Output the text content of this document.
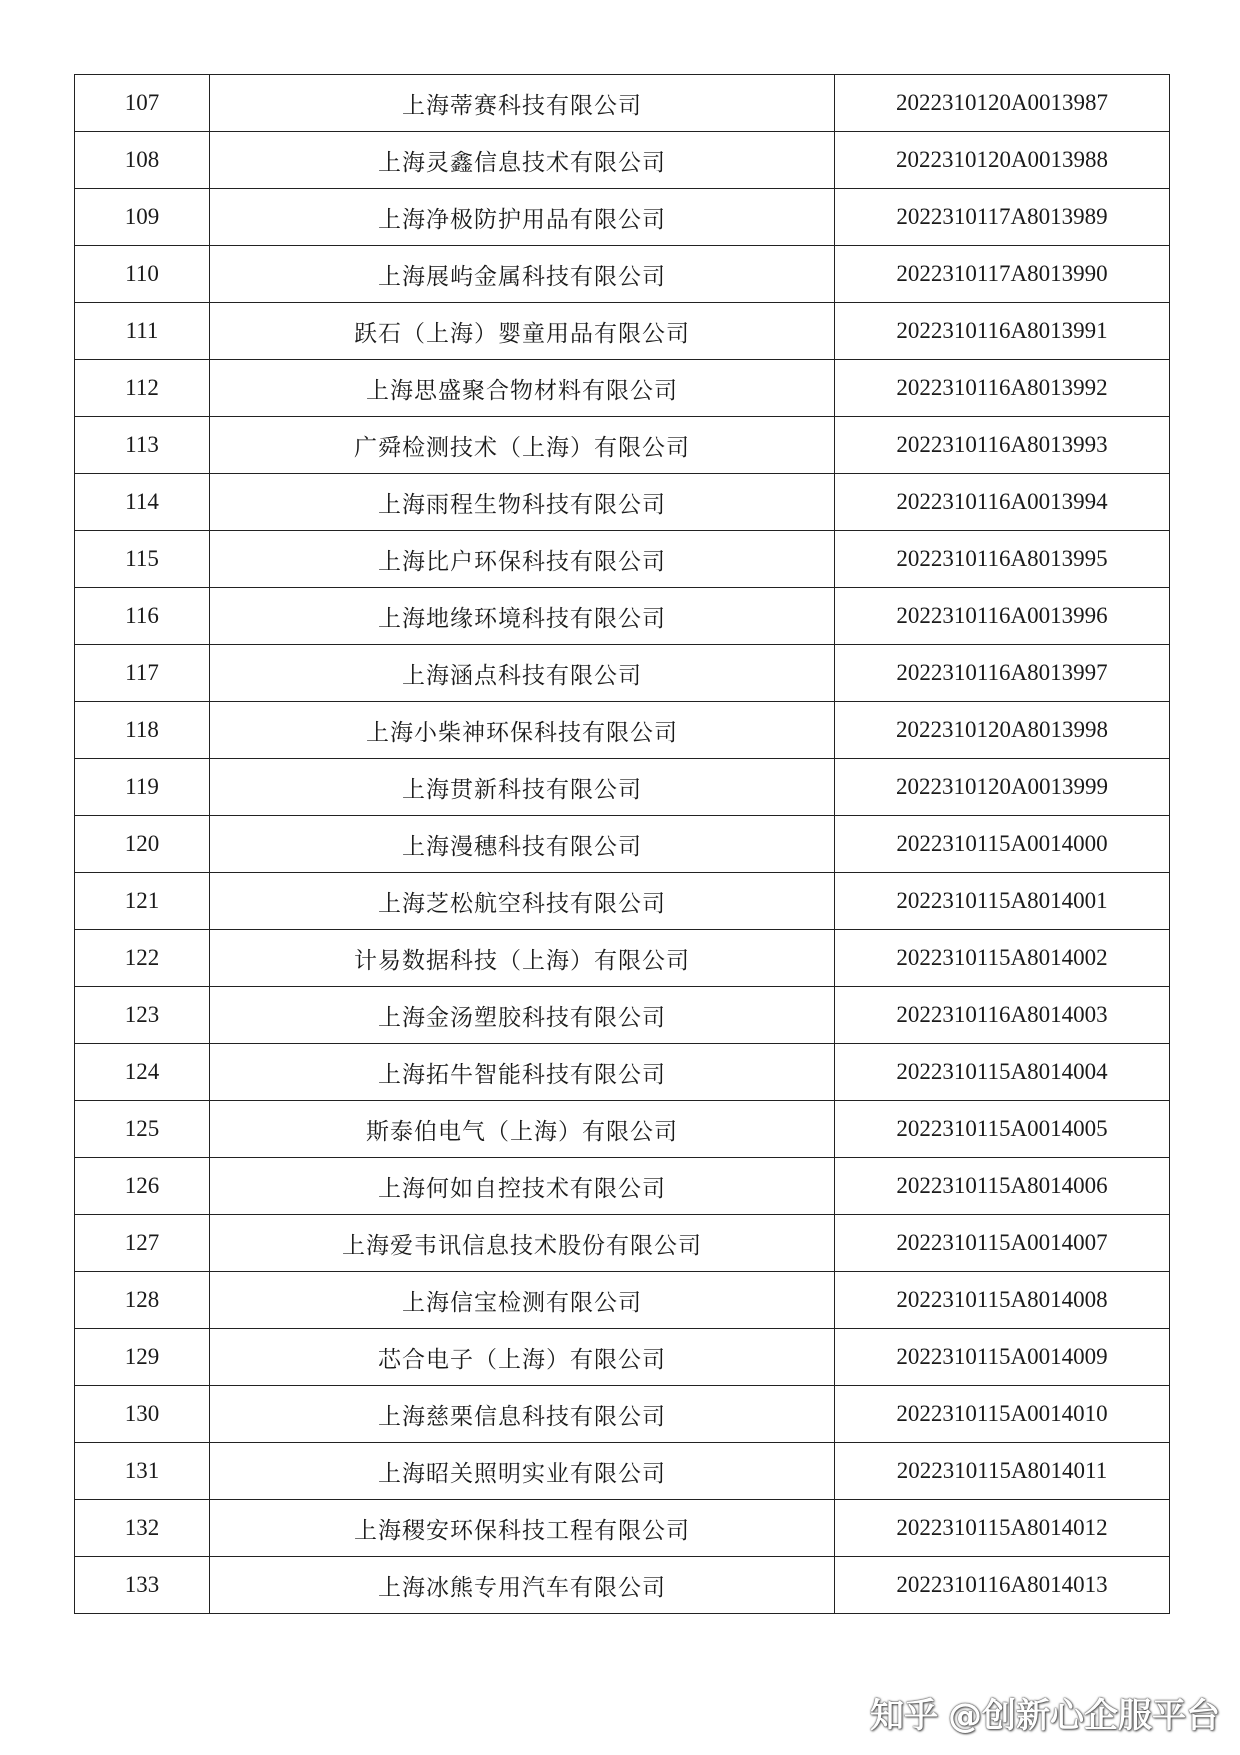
107	上海蒂赛科技有限公司	2022310120A0013987
108	上海灵鑫信息技术有限公司	2022310120A0013988
109	上海净极防护用品有限公司	2022310117A8013989
110	上海展屿金属科技有限公司	2022310117A8013990
111	跃石（上海）婴童用品有限公司	2022310116A8013991
112	上海思盛聚合物材料有限公司	2022310116A8013992
113	广舜检测技术（上海）有限公司	2022310116A8013993
114	上海雨程生物科技有限公司	2022310116A0013994
115	上海比户环保科技有限公司	2022310116A8013995
116	上海地缘环境科技有限公司	2022310116A0013996
117	上海涵点科技有限公司	2022310116A8013997
118	上海小柴神环保科技有限公司	2022310120A8013998
119	上海贯新科技有限公司	2022310120A0013999
120	上海漫穗科技有限公司	2022310115A0014000
121	上海芝松航空科技有限公司	2022310115A8014001
122	计易数据科技（上海）有限公司	2022310115A8014002
123	上海金汤塑胶科技有限公司	2022310116A8014003
124	上海拓牛智能科技有限公司	2022310115A8014004
125	斯泰伯电气（上海）有限公司	2022310115A0014005
126	上海何如自控技术有限公司	2022310115A8014006
127	上海爱韦讯信息技术股份有限公司	2022310115A0014007
128	上海信宝检测有限公司	2022310115A8014008
129	芯合电子（上海）有限公司	2022310115A0014009
130	上海慈栗信息科技有限公司	2022310115A0014010
131	上海昭关照明实业有限公司	2022310115A8014011
132	上海稷安环保科技工程有限公司	2022310115A8014012
133	上海冰熊专用汽车有限公司	2022310116A8014013
知乎 @创新心企服平台
